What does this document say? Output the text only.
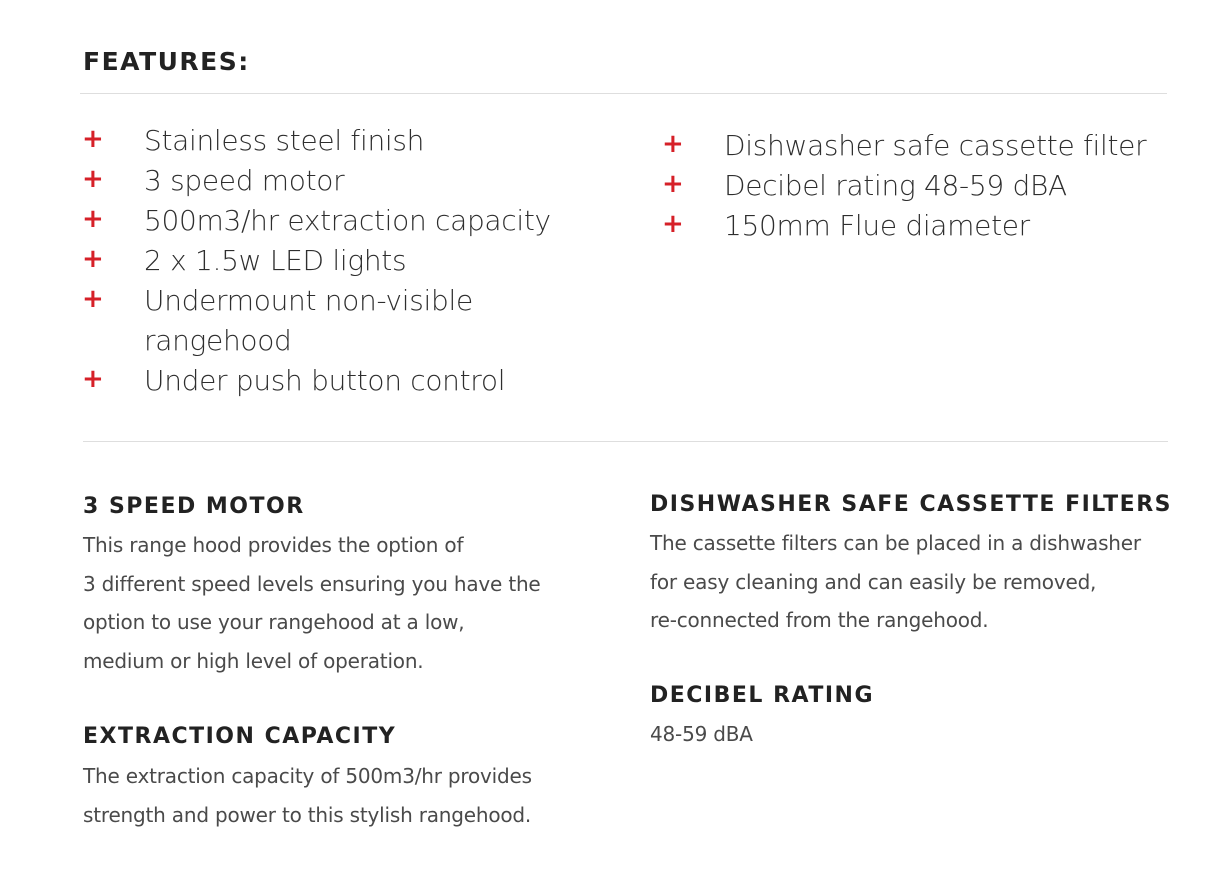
FEATURES:
+ Stainless steel finish
+ 3 speed motor
+ 500m3/hr extraction capacity
+ 2 x 1.5w LED lights
+ Undermount non-visible
rangehood
+ Under push button control
+ Dishwasher safe cassette filter
+ Decibel rating 48-59 dBA
+ 150mm Flue diameter
3 SPEED MOTOR

This range hood provides the option of
3 different speed levels ensuring you have the
option to use your rangehood at a low,
medium or high level of operation.

EXTRACTION CAPACITY

The extraction capacity of 500m3/hr provides
strength and power to this stylish rangehood.

DISHWASHER SAFE CASSETTE FILTERS

The cassette filters can be placed in a dishwasher
for easy cleaning and can easily be removed,
re-connected from the rangehood.

DECIBEL RATING

48-59 dBA
